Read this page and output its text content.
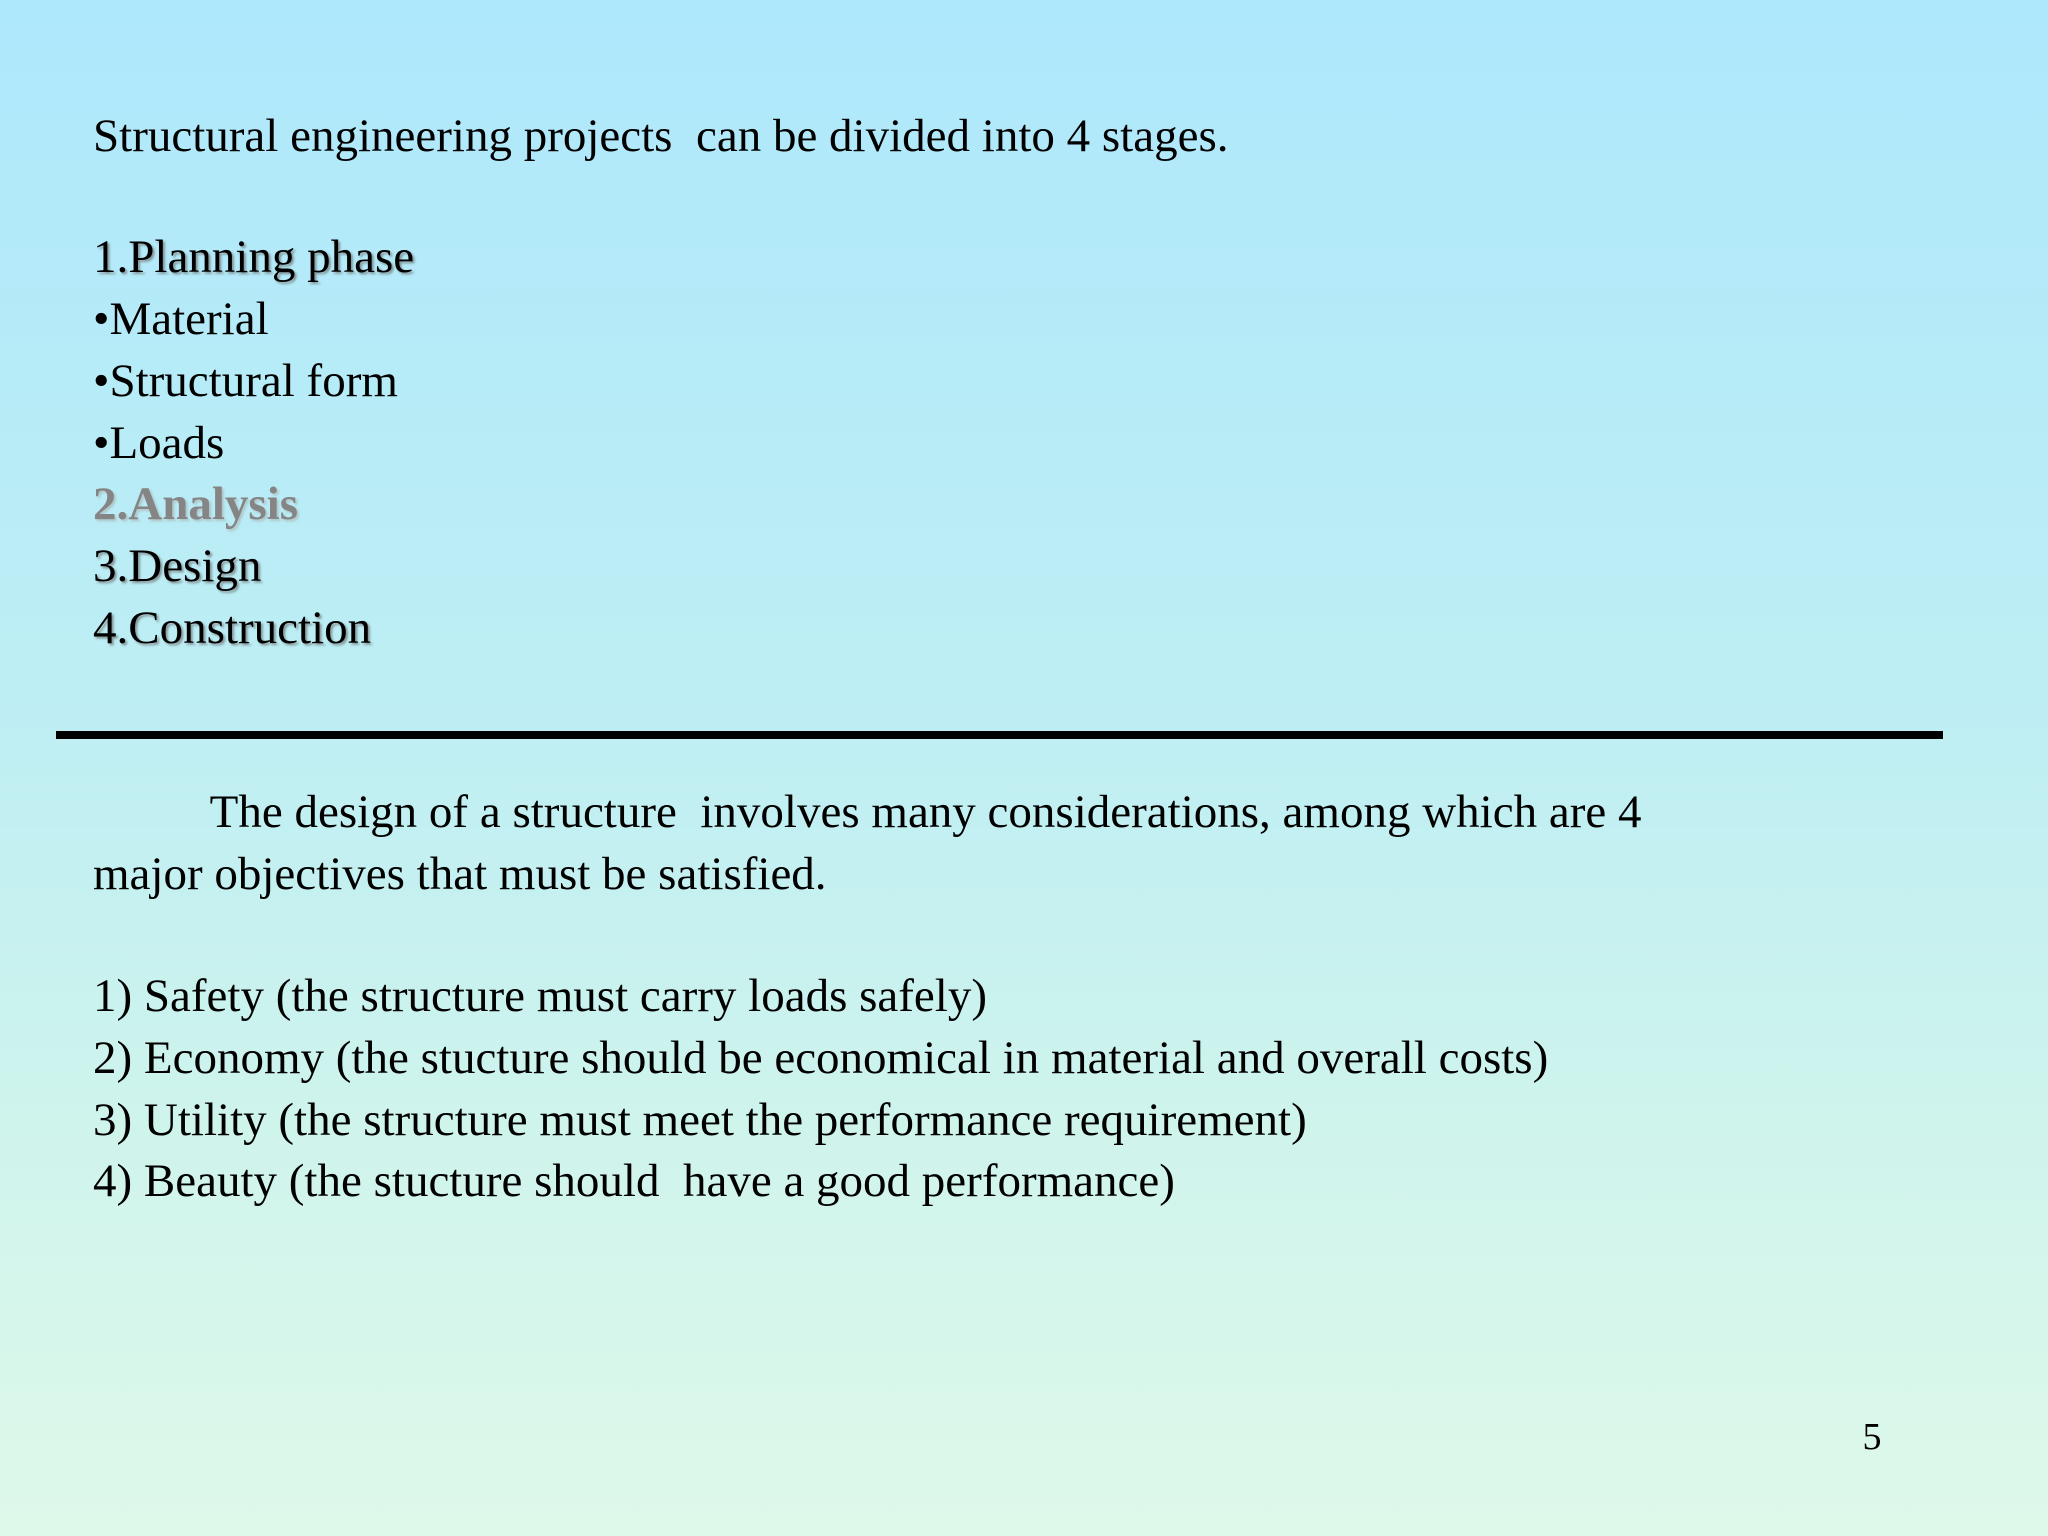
Structural engineering projects  can be divided into 4 stages.

1.Planning phase

•Material

•Structural form

•Loads

2.Analysis

3.Design

4.Construction

The design of a structure  involves many considerations, among which are 4

major objectives that must be satisfied.

1) Safety (the structure must carry loads safely)

2) Economy (the stucture should be economical in material and overall costs)

3) Utility (the structure must meet the performance requirement)

4) Beauty (the stucture should  have a good performance)

5
